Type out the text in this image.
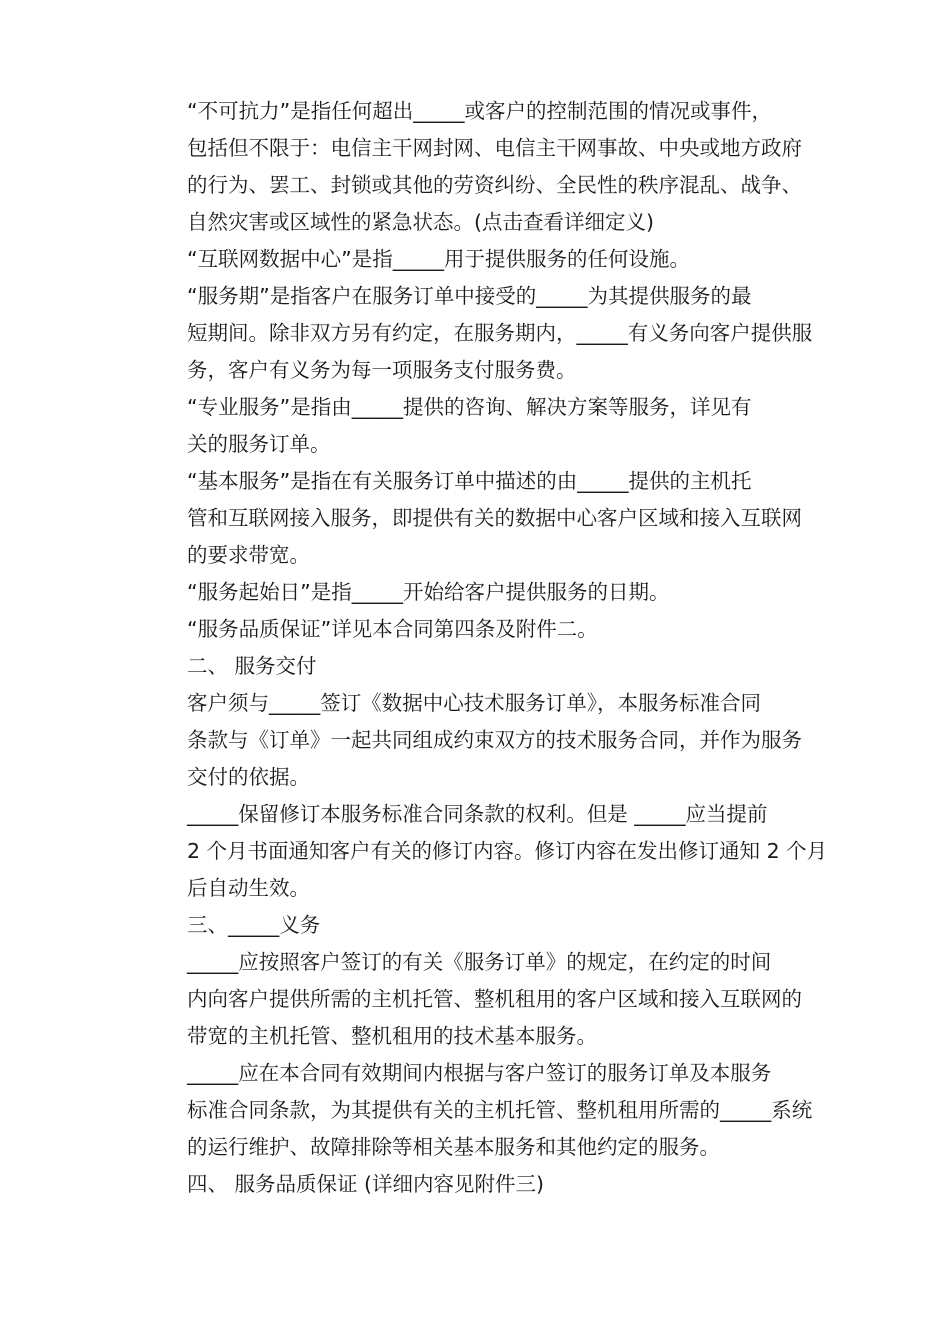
“不可抗力”是指任何超出_____或客户的控制范围的情况或事件，
包括但不限于：电信主干网封网、电信主干网事故、中央或地方政府
的行为、罢工、封锁或其他的劳资纠纷、全民性的秩序混乱、战争、
自然灾害或区域性的紧急状态。(点击查看详细定义)

“互联网数据中心”是指_____用于提供服务的任何设施。

“服务期”是指客户在服务订单中接受的_____为其提供服务的最
短期间。除非双方另有约定，在服务期内，_____有义务向客户提供服
务，客户有义务为每一项服务支付服务费。

“专业服务”是指由_____提供的咨询、解决方案等服务，详见有
关的服务订单。

“基本服务”是指在有关服务订单中描述的由_____提供的主机托
管和互联网接入服务，即提供有关的数据中心客户区域和接入互联网
的要求带宽。

“服务起始日”是指_____开始给客户提供服务的日期。

“服务品质保证”详见本合同第四条及附件二。

二、 服务交付

客户须与_____签订《数据中心技术服务订单》，本服务标准合同
条款与《订单》一起共同组成约束双方的技术服务合同，并作为服务
交付的依据。

_____保留修订本服务标准合同条款的权利。但是 _____应当提前
2 个月书面通知客户有关的修订内容。修订内容在发出修订通知 2 个月
后自动生效。

三、_____义务

_____应按照客户签订的有关《服务订单》的规定，在约定的时间
内向客户提供所需的主机托管、整机租用的客户区域和接入互联网的
带宽的主机托管、整机租用的技术基本服务。

_____应在本合同有效期间内根据与客户签订的服务订单及本服务
标准合同条款，为其提供有关的主机托管、整机租用所需的_____系统
的运行维护、故障排除等相关基本服务和其他约定的服务。

四、 服务品质保证 (详细内容见附件三)
